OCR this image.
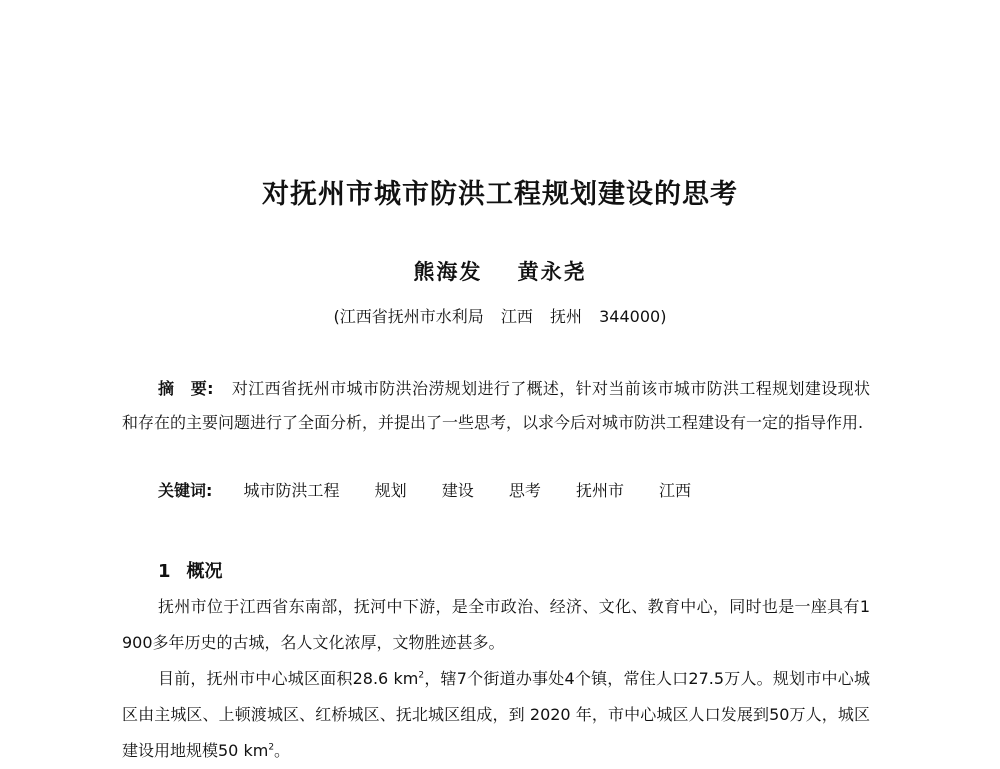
对抚州市城市防洪工程规划建设的思考

熊海发 黄永尧

(江西省抚州市水利局 江西 抚州 344000)

摘　要: 对江西省抚州市城市防洪治涝规划进行了概述，针对当前该市城市防洪工程规划建设现状和存在的主要问题进行了全面分析，并提出了一些思考，以求今后对城市防洪工程建设有一定的指导作用.

关键词: 城市防洪工程 规划 建设 思考 抚州市 江西

1 概况

抚州市位于江西省东南部，抚河中下游，是全市政治、经济、文化、教育中心，同时也是一座具有1 900多年历史的古城，名人文化浓厚，文物胜迹甚多。

目前，抚州市中心城区面积28.6 $km^2$，辖7个街道办事处4个镇，常住人口27.5万人。规划市中心城区由主城区、上顿渡城区、红桥城区、抚北城区组成，到 2020 年，市中心城区人口发展到50万人，城区建设用地规模50 $km^2$。
